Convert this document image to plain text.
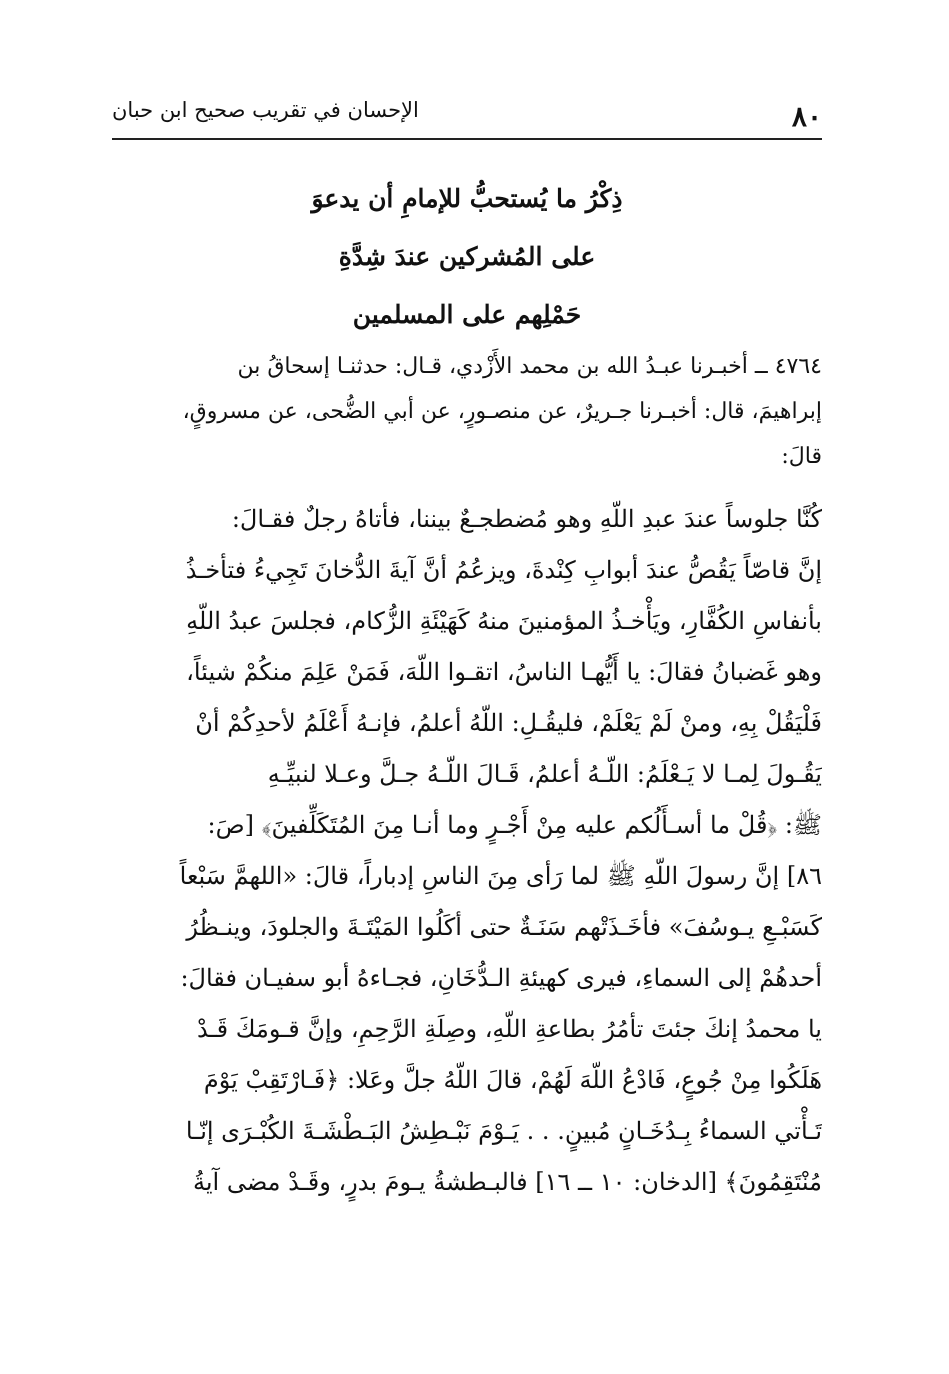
٨٠
الإحسان في تقريب صحيح ابن حبان
ذِكْرُ ما يُستحبُّ للإمامِ أن يدعوَ
على المُشركين عندَ شِدَّةِ
حَمْلِهم على المسلمين
٤٧٦٤ ــ أخبـرنا عبـدُ الله بن محمد الأَزْدي، قـال: حدثنـا إسحاقُ بن
إبراهيمَ، قال: أخبـرنا جـريرٌ، عن منصـورٍ، عن أبي الضُّحى، عن مسروقٍ،
قالَ:
كُنَّا جلوساً عندَ عبدِ اللّهِ وهو مُضطجـعٌ بيننا، فأتاهُ رجلٌ فقـالَ:
إنَّ قاصّاً يَقُصُّ عندَ أبوابِ كِنْدةَ، ويزعُمُ أنَّ آيةَ الدُّخانَ تَجِيءُ فتأخـذُ
بأنفاسِ الكُفَّارِ، ويَأْخـذُ المؤمنينَ منهُ كَهَيْئَةِ الزُّكام، فجلسَ عبدُ اللّهِ
وهو غَضبانُ فقالَ: يا أَيُّهـا الناسُ، اتقـوا اللّهَ، فَمَنْ عَلِمَ منكُمْ شيئاً،
فَلْيَقُلْ بِهِ، ومنْ لَمْ يَعْلَمْ، فليقُـلِ: اللّهُ أعلمُ، فإنـهُ أَعْلَمُ لأحدِكُمْ أنْ
يَقُـولَ لِمـا لا يَـعْلَمُ: اللّـهُ أعلمُ، قَـالَ اللّـهُ جـلَّ وعـلا لنبيِّـهِ
ﷺ: ﴿قُلْ ما أسـأَلُكم عليه مِنْ أَجْـرٍ وما أنـا مِنَ المُتَكَلِّفينَ﴾ [صَ:
٨٦] إنَّ رسولَ اللّهِ ﷺ لما رَأى مِنَ الناسِ إدباراً، قالَ: «اللهمَّ سَبْعاً
كَسَبْـعِ يـوسُفَ» فأخَـذَتْهم سَنَـةٌ حتى أكَلُوا المَيْتَـةَ والجلودَ، وينـظُرُ
أحدهُمْ إلى السماءِ، فيرى كهيئةِ الـدُّخَانِ، فجـاءهُ أبو سفيـان فقالَ:
يا محمدُ إنكَ جئتَ تأمُرُ بطاعةِ اللّهِ، وصِلَةِ الرَّحِمِ، وإنَّ قـومَكَ قَـدْ
هَلَكُوا مِنْ جُوعٍ، فَادْعُ اللّهَ لَهُمْ، قالَ اللّهُ جلَّ وعَلا: ﴿فَـارْتَقِبْ يَوْمَ
تَـأْتي السماءُ بِـدُخَـانٍ مُبينٍ. . . يَـوْمَ نَبْـطِشُ البَـطْشَـةَ الكُبْـرَى إنّـا
مُنْتَقِمُونَ﴾ [الدخان: ١٠ ــ ١٦] فالبـطشةُ يـومَ بدرٍ، وقَـدْ مضى آيةُ
